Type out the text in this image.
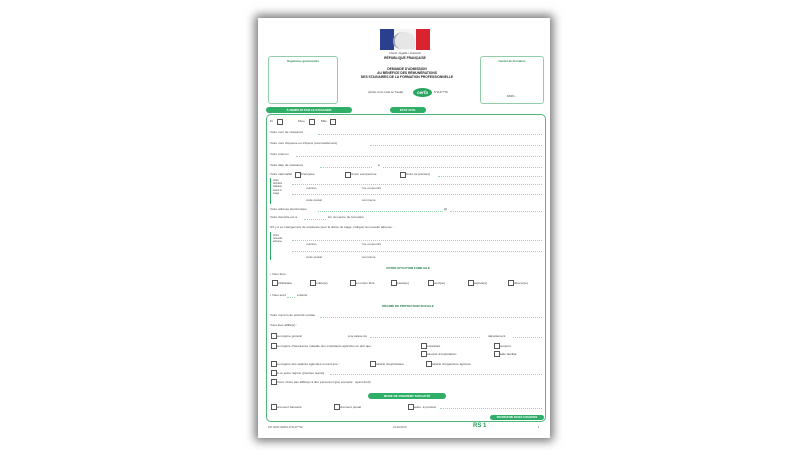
Liberté • Égalité • Fraternité
RÉPUBLIQUE FRANÇAISE
Organisme gestionnaire	Cachet de formation
DANS / ...
DEMANDE D'ADMISSION
AU BÉNÉFICE DES RÉMUNÉRATIONS
DES STAGIAIRES DE LA FORMATION PROFESSIONNELLE
(Article L6 du Code du Travail)	cerfa	N°11477*02
À REMPLIR PAR LE STAGIAIRE	ÉTAT CIVIL
M.	Mme	Mlle
Votre nom de naissance
Votre nom d'épouse ou d'époux (éventuellement)
Votre prénom
Votre date de naissance	à
Votre nationalité	Française	Union européenne	Autre (à préciser)
Votre domicile habituel avant le stage
numéro	rue ou lieu dit
code postal	commune
Votre adresse électronique	@
Votre domicile est à	km du centre de formation
S'il y a eu changement de résidence pour la durée du stage, indiquer la nouvelle adresse :
Votre nouvelle adresse
numéro	rue ou lieu dit
code postal	commune
VOTRE SITUATION FAMILIALE
• Vous êtes :
célibataire	marié(e)	en union libre	pacsé(e)	veuf(ve)	séparé(e)	divorcé(e)
• Vous avez	enfants
RÉGIME DE PROTECTION SOCIALE
Votre numéro de sécurité sociale
Vous êtes affilié(e) :
au régime général	à la caisse de	département
au régime d'assurance maladie des exploitants agricoles en tant que :	exploitant	conjoint
associé d'exploitation	aide familial
au régime des salariés agricoles en tant que :	salarié d'exploitation	salarié d'organisme agricole
à un autre régime (préciser lequel)
Vous n'êtes pas affilié(e) à titre personnel (par exemple : ayant droit)
MODE DE PAIEMENT SOUHAITÉ
virement bancaire	virement postal	autre, à préciser
POURSUIVRE PAGES SUIVANTES
FM 10/03 CERFA N°11477*02	01-09-08 W	RS 1	1
